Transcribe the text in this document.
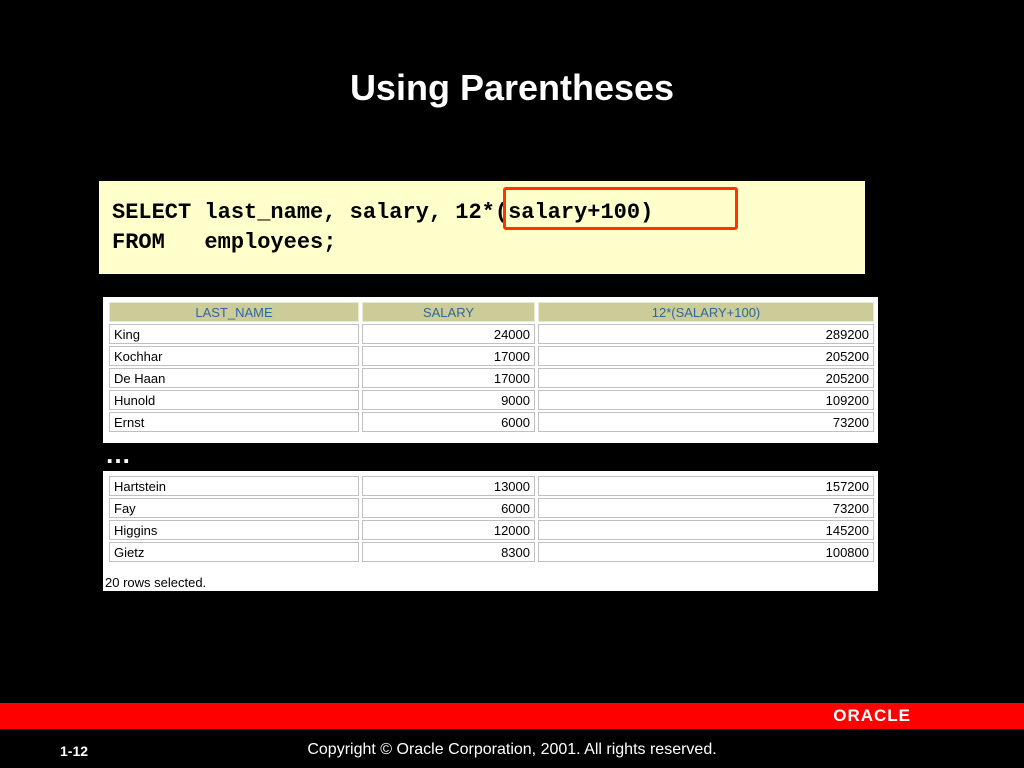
Using Parentheses
SELECT last_name, salary, 12*(salary+100)
FROM   employees;
LAST_NAME	SALARY	12*(SALARY+100)
King	24000	289200
Kochhar	17000	205200
De Haan	17000	205200
Hunold	9000	109200
Ernst	6000	73200
…
Hartstein	13000	157200
Fay	6000	73200
Higgins	12000	145200
Gietz	8300	100800
20 rows selected.
ORACLE
1-12	Copyright © Oracle Corporation, 2001. All rights reserved.
